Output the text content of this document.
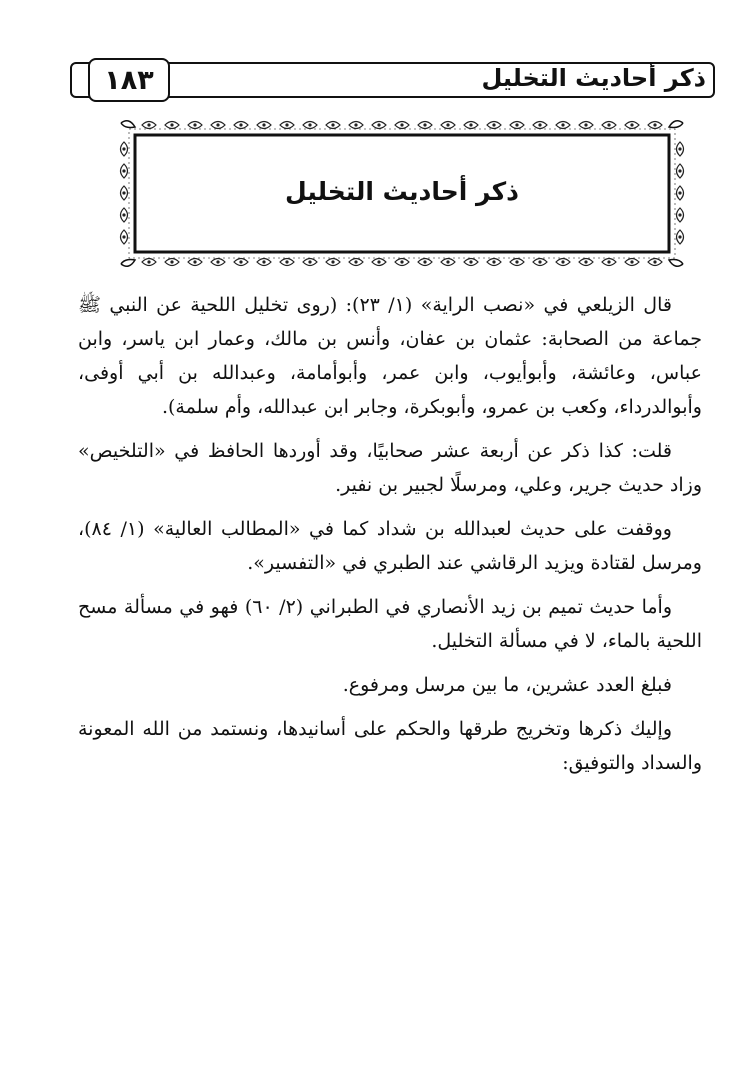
١٨٣	ذكر أحاديث التخليل
ذكر أحاديث التخليل

قال الزيلعي في «نصب الراية» (١/ ٢٣): (روى تخليل اللحية عن النبي ﷺ جماعة من الصحابة: عثمان بن عفان، وأنس بن مالك، وعمار ابن ياسر، وابن عباس، وعائشة، وأبوأيوب، وابن عمر، وأبوأمامة، وعبدالله بن أبي أوفى، وأبوالدرداء، وكعب بن عمرو، وأبوبكرة، وجابر ابن عبدالله، وأم سلمة).

قلت: كذا ذكر عن أربعة عشر صحابيًا، وقد أوردها الحافظ في «التلخيص» وزاد حديث جرير، وعلي، ومرسلًا لجبير بن نفير.

ووقفت على حديث لعبدالله بن شداد كما في «المطالب العالية» (١/ ٨٤)، ومرسل لقتادة ويزيد الرقاشي عند الطبري في «التفسير».

وأما حديث تميم بن زيد الأنصاري في الطبراني (٢/ ٦٠) فهو في مسألة مسح اللحية بالماء، لا في مسألة التخليل.

فبلغ العدد عشرين، ما بين مرسل ومرفوع.

وإليك ذكرها وتخريج طرقها والحكم على أسانيدها، ونستمد من الله المعونة والسداد والتوفيق:
